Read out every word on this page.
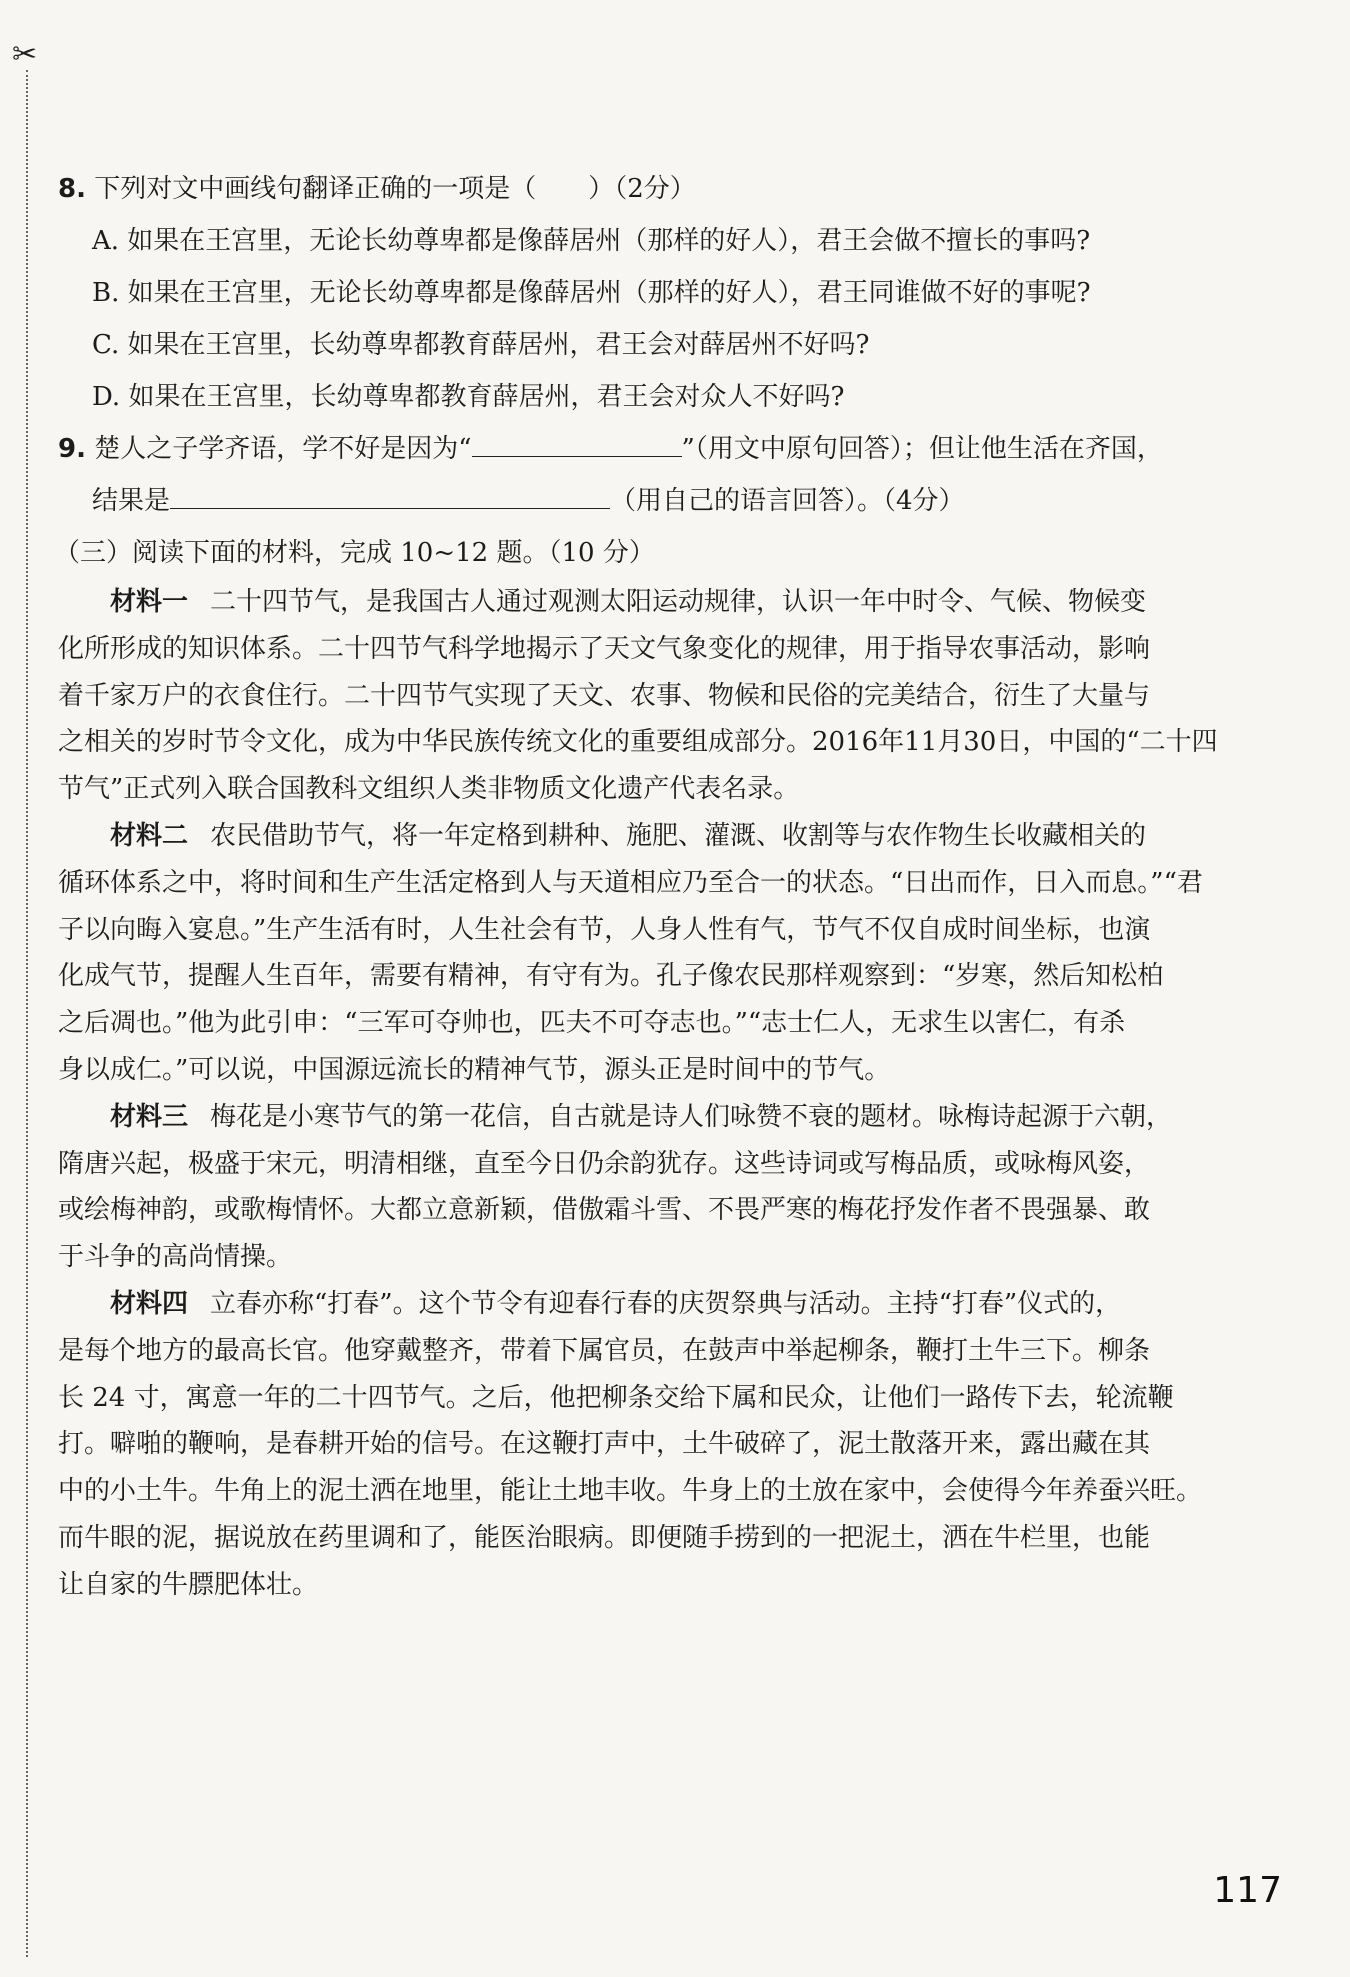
✂
8. 下列对文中画线句翻译正确的一项是（　　）（2分）
A. 如果在王宫里，无论长幼尊卑都是像薛居州（那样的好人），君王会做不擅长的事吗?
B. 如果在王宫里，无论长幼尊卑都是像薛居州（那样的好人），君王同谁做不好的事呢?
C. 如果在王宫里，长幼尊卑都教育薛居州，君王会对薛居州不好吗?
D. 如果在王宫里，长幼尊卑都教育薛居州，君王会对众人不好吗?
9. 楚人之子学齐语，学不好是因为“	”（用文中原句回答）；但让他生活在齐国，
结果是	（用自己的语言回答）。（4分）
（三）阅读下面的材料，完成 10~12 题。（10 分）
材料一 二十四节气，是我国古人通过观测太阳运动规律，认识一年中时令、气候、物候变
化所形成的知识体系。二十四节气科学地揭示了天文气象变化的规律，用于指导农事活动，影响
着千家万户的衣食住行。二十四节气实现了天文、农事、物候和民俗的完美结合，衍生了大量与
之相关的岁时节令文化，成为中华民族传统文化的重要组成部分。2016年11月30日，中国的“二十四
节气”正式列入联合国教科文组织人类非物质文化遗产代表名录。
材料二 农民借助节气，将一年定格到耕种、施肥、灌溉、收割等与农作物生长收藏相关的
循环体系之中，将时间和生产生活定格到人与天道相应乃至合一的状态。“日出而作，日入而息。”“君
子以向晦入宴息。”生产生活有时，人生社会有节，人身人性有气，节气不仅自成时间坐标，也演
化成气节，提醒人生百年，需要有精神，有守有为。孔子像农民那样观察到：“岁寒，然后知松柏
之后凋也。”他为此引申：“三军可夺帅也，匹夫不可夺志也。”“志士仁人，无求生以害仁，有杀
身以成仁。”可以说，中国源远流长的精神气节，源头正是时间中的节气。
材料三 梅花是小寒节气的第一花信，自古就是诗人们咏赞不衰的题材。咏梅诗起源于六朝，
隋唐兴起，极盛于宋元，明清相继，直至今日仍余韵犹存。这些诗词或写梅品质，或咏梅风姿，
或绘梅神韵，或歌梅情怀。大都立意新颖，借傲霜斗雪、不畏严寒的梅花抒发作者不畏强暴、敢
于斗争的高尚情操。
材料四 立春亦称“打春”。这个节令有迎春行春的庆贺祭典与活动。主持“打春”仪式的，
是每个地方的最高长官。他穿戴整齐，带着下属官员，在鼓声中举起柳条，鞭打土牛三下。柳条
长 24 寸，寓意一年的二十四节气。之后，他把柳条交给下属和民众，让他们一路传下去，轮流鞭
打。噼啪的鞭响，是春耕开始的信号。在这鞭打声中，土牛破碎了，泥土散落开来，露出藏在其
中的小土牛。牛角上的泥土洒在地里，能让土地丰收。牛身上的土放在家中，会使得今年养蚕兴旺。
而牛眼的泥，据说放在药里调和了，能医治眼病。即便随手捞到的一把泥土，洒在牛栏里，也能
让自家的牛膘肥体壮。
117
